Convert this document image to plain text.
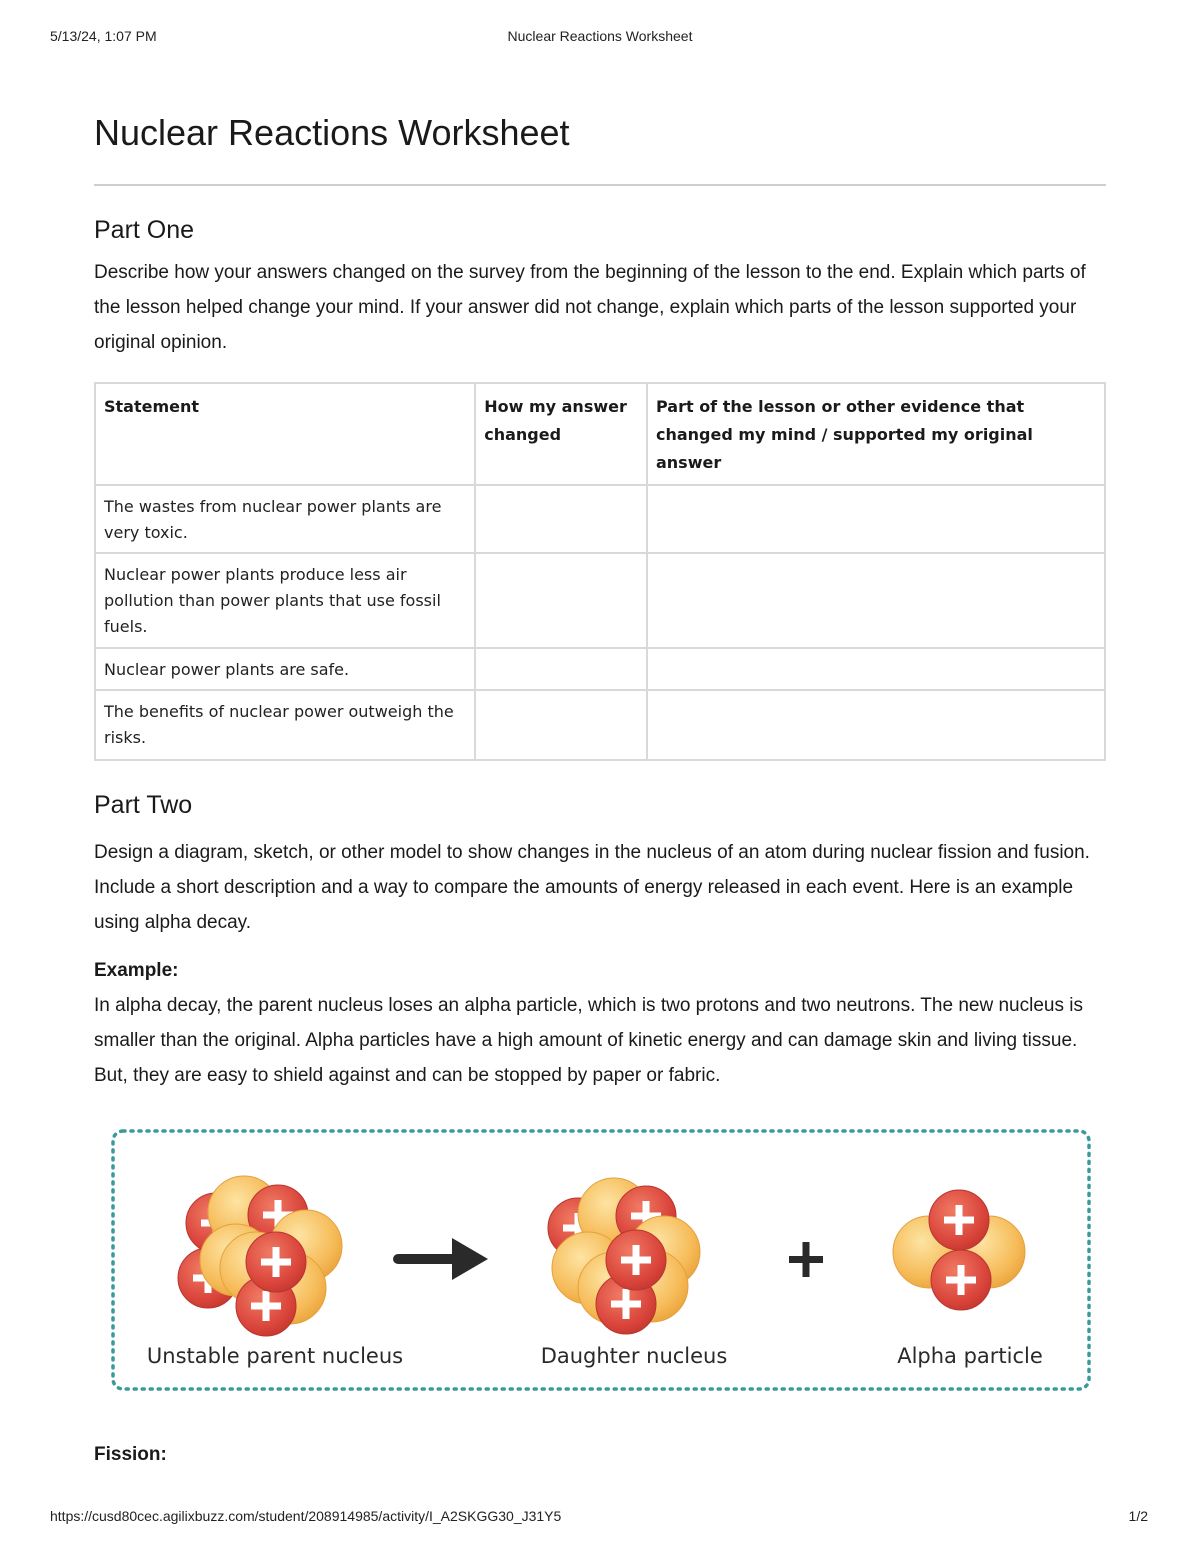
5/13/24, 1:07 PM	Nuclear Reactions Worksheet
Nuclear Reactions Worksheet
Part One

Describe how your answers changed on the survey from the beginning of the lesson to the end. Explain which parts of the lesson helped change your mind. If your answer did not change, explain which parts of the lesson supported your original opinion.

Statement	How my answer changed	Part of the lesson or other evidence that changed my mind / supported my original answer
The wastes from nuclear power plants are very toxic.		
Nuclear power plants produce less air pollution than power plants that use fossil fuels.		
Nuclear power plants are safe.		
The benefits of nuclear power outweigh the risks.		
Part Two

Design a diagram, sketch, or other model to show changes in the nucleus of an atom during nuclear fission and fusion. Include a short description and a way to compare the amounts of energy released in each event. Here is an example using alpha decay.

Example:

In alpha decay, the parent nucleus loses an alpha particle, which is two protons and two neutrons. The new nucleus is smaller than the original. Alpha particles have a high amount of kinetic energy and can damage skin and living tissue. But, they are easy to shield against and can be stopped by paper or fabric.

Unstable parent nucleus	Daughter nucleus	Alpha particle
Fission:
https://cusd80cec.agilixbuzz.com/student/208914985/activity/I_A2SKGG30_J31Y5	1/2
